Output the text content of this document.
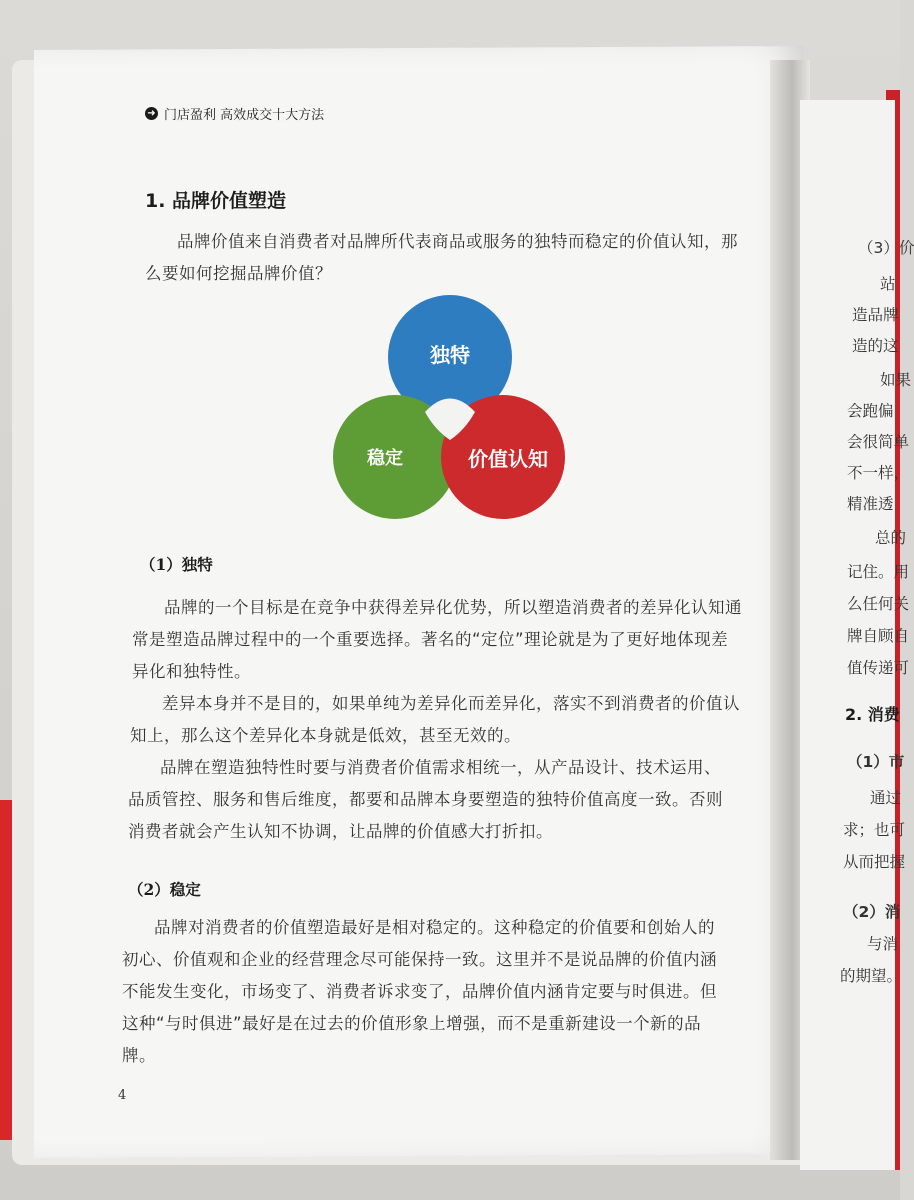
（3）价
站
造品牌
造的这
如果
会跑偏
会很简单
不一样，
精准透
总的
记住。用
么任何关
牌自顾自
值传递可
2. 消费
（1）市
通过
求；也可
从而把握
（2）消
与消
的期望。
➜ 门店盈利 高效成交十大方法
1. 品牌价值塑造
品牌价值来自消费者对品牌所代表商品或服务的独特而稳定的价值认知，那么要如何挖掘品牌价值？
独特
稳定	价值认知
（1）独特
品牌的一个目标是在竞争中获得差异化优势，所以塑造消费者的差异化认知通常是塑造品牌过程中的一个重要选择。著名的“定位”理论就是为了更好地体现差异化和独特性。
差异本身并不是目的，如果单纯为差异化而差异化，落实不到消费者的价值认知上，那么这个差异化本身就是低效，甚至无效的。
品牌在塑造独特性时要与消费者价值需求相统一，从产品设计、技术运用、品质管控、服务和售后维度，都要和品牌本身要塑造的独特价值高度一致。否则消费者就会产生认知不协调，让品牌的价值感大打折扣。
（2）稳定
品牌对消费者的价值塑造最好是相对稳定的。这种稳定的价值要和创始人的初心、价值观和企业的经营理念尽可能保持一致。这里并不是说品牌的价值内涵不能发生变化，市场变了、消费者诉求变了，品牌价值内涵肯定要与时俱进。但这种“与时俱进”最好是在过去的价值形象上增强，而不是重新建设一个新的品牌。
4
